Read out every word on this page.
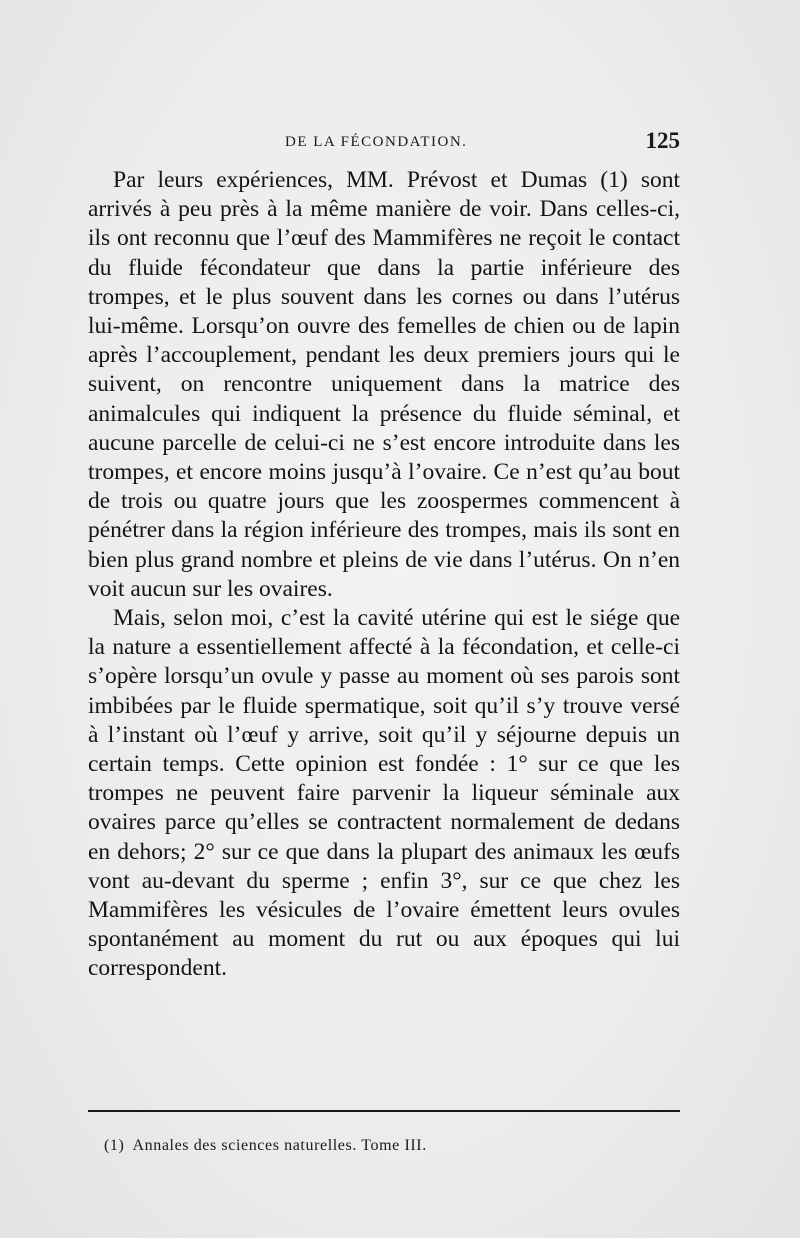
DE LA FÉCONDATION.	125

Par leurs expériences, MM. Prévost et Dumas (1) sont arrivés à peu près à la même manière de voir. Dans celles-ci, ils ont reconnu que l’œuf des Mammifères ne reçoit le contact du fluide fécondateur que dans la partie inférieure des trompes, et le plus souvent dans les cornes ou dans l’utérus lui-même. Lorsqu’on ouvre des femelles de chien ou de lapin après l’accouplement, pendant les deux premiers jours qui le suivent, on rencontre uniquement dans la matrice des animalcules qui indiquent la présence du fluide séminal, et aucune parcelle de celui-ci ne s’est encore introduite dans les trompes, et encore moins jusqu’à l’ovaire. Ce n’est qu’au bout de trois ou quatre jours que les zoospermes commencent à pénétrer dans la région inférieure des trompes, mais ils sont en bien plus grand nombre et pleins de vie dans l’utérus. On n’en voit aucun sur les ovaires.

Mais, selon moi, c’est la cavité utérine qui est le siége que la nature a essentiellement affecté à la fécondation, et celle-ci s’opère lorsqu’un ovule y passe au moment où ses parois sont imbibées par le fluide spermatique, soit qu’il s’y trouve versé à l’instant où l’œuf y arrive, soit qu’il y séjourne depuis un certain temps. Cette opinion est fondée : 1° sur ce que les trompes ne peuvent faire parvenir la liqueur séminale aux ovaires parce qu’elles se contractent normalement de dedans en dehors; 2° sur ce que dans la plupart des animaux les œufs vont au-devant du sperme ; enfin 3°, sur ce que chez les Mammifères les vésicules de l’ovaire émettent leurs ovules spontanément au moment du rut ou aux époques qui lui correspondent.

(1) Annales des sciences naturelles. Tome III.
